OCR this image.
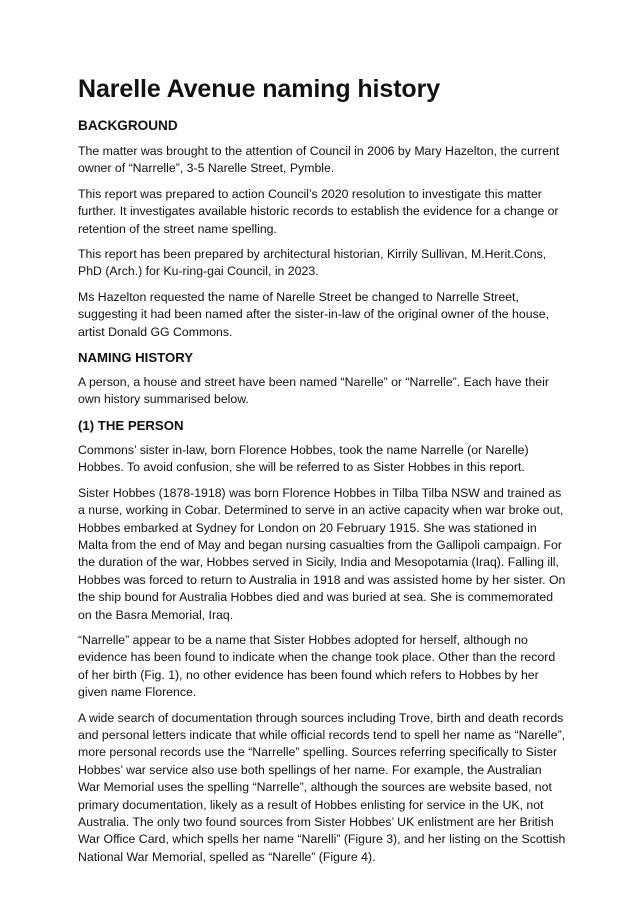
Narelle Avenue naming history
BACKGROUND

The matter was brought to the attention of Council in 2006 by Mary Hazelton, the current owner of “Narrelle”, 3-5 Narelle Street, Pymble.

This report was prepared to action Council’s 2020 resolution to investigate this matter further. It investigates available historic records to establish the evidence for a change or retention of the street name spelling.

This report has been prepared by architectural historian, Kirrily Sullivan, M.Herit.Cons, PhD (Arch.) for Ku-ring-gai Council, in 2023.

Ms Hazelton requested the name of Narelle Street be changed to Narrelle Street, suggesting it had been named after the sister-in-law of the original owner of the house, artist Donald GG Commons.

NAMING HISTORY

A person, a house and street have been named “Narelle” or “Narrelle”. Each have their own history summarised below.

(1) THE PERSON

Commons’ sister in-law, born Florence Hobbes, took the name Narrelle (or Narelle) Hobbes. To avoid confusion, she will be referred to as Sister Hobbes in this report.

Sister Hobbes (1878-1918) was born Florence Hobbes in Tilba Tilba NSW and trained as a nurse, working in Cobar. Determined to serve in an active capacity when war broke out, Hobbes embarked at Sydney for London on 20 February 1915. She was stationed in Malta from the end of May and began nursing casualties from the Gallipoli campaign. For the duration of the war, Hobbes served in Sicily, India and Mesopotamia (Iraq). Falling ill, Hobbes was forced to return to Australia in 1918 and was assisted home by her sister. On the ship bound for Australia Hobbes died and was buried at sea. She is commemorated on the Basra Memorial, Iraq.

“Narrelle” appear to be a name that Sister Hobbes adopted for herself, although no evidence has been found to indicate when the change took place. Other than the record of her birth (Fig. 1), no other evidence has been found which refers to Hobbes by her given name Florence.

A wide search of documentation through sources including Trove, birth and death records and personal letters indicate that while official records tend to spell her name as “Narelle”, more personal records use the “Narrelle” spelling. Sources referring specifically to Sister Hobbes’ war service also use both spellings of her name. For example, the Australian War Memorial uses the spelling “Narrelle”, although the sources are website based, not primary documentation, likely as a result of Hobbes enlisting for service in the UK, not Australia. The only two found sources from Sister Hobbes’ UK enlistment are her British War Office Card, which spells her name “Narelli” (Figure 3), and her listing on the Scottish National War Memorial, spelled as “Narelle” (Figure 4).
